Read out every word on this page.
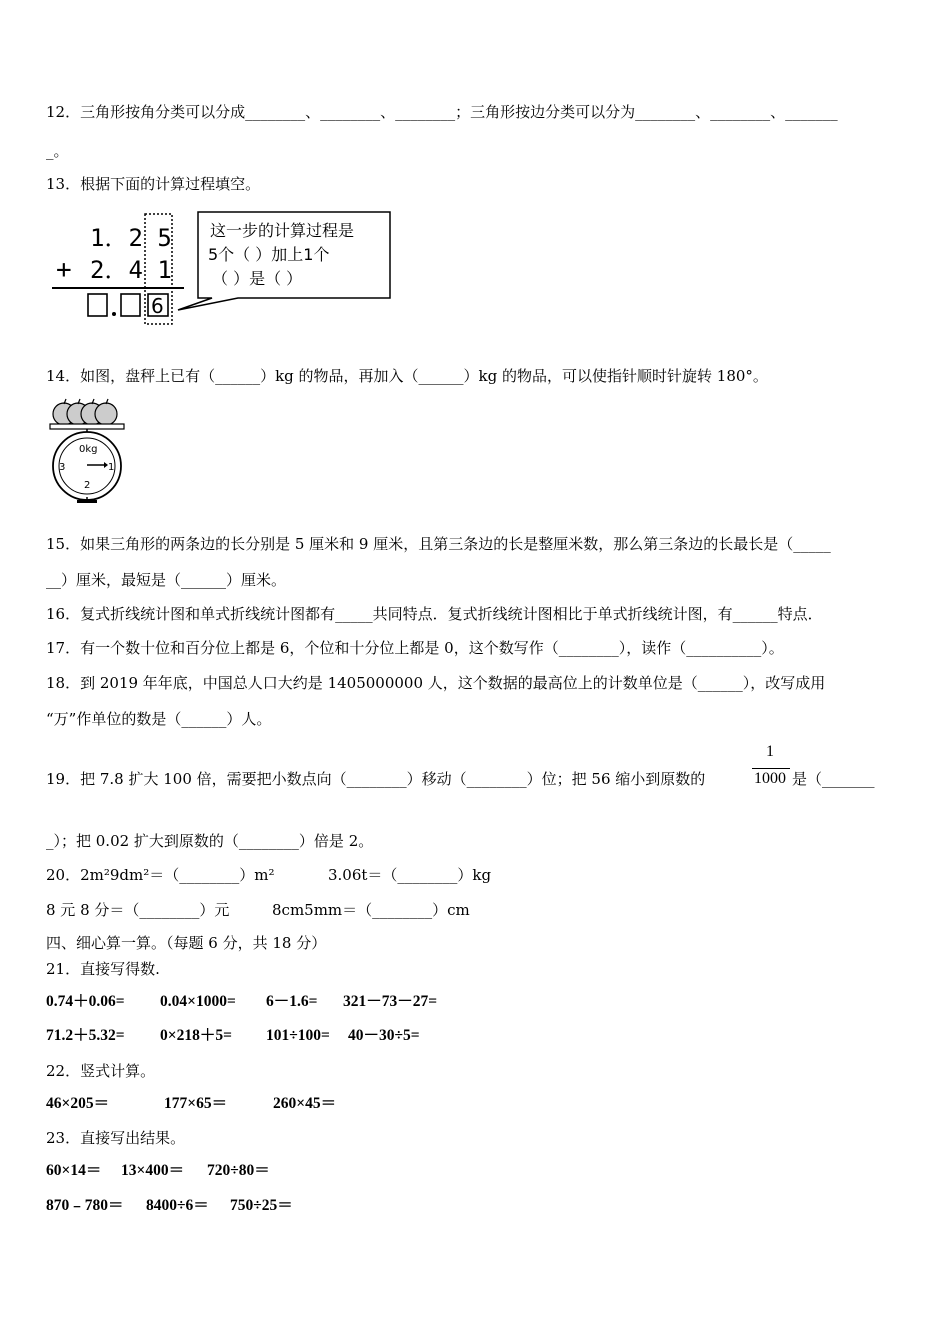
12．三角形按角分类可以分成________、________、________；三角形按边分类可以分为________、________、_______
_。
13．根据下面的计算过程填空。
1．2 5
+ 2．4 1
6
这一步的计算过程是
5个（ ）加上1个
（ ）是（ ）
14．如图，盘秤上已有（______）kg 的物品，再加入（______）kg 的物品，可以使指针顺时针旋转 180°。
0kg
3	1
2
15．如果三角形的两条边的长分别是 5 厘米和 9 厘米，且第三条边的长是整厘米数，那么第三条边的长最长是（_____
__）厘米，最短是（______）厘米。
16．复式折线统计图和单式折线统计图都有_____共同特点．复式折线统计图相比于单式折线统计图，有______特点．
17．有一个数十位和百分位上都是 6，个位和十分位上都是 0，这个数写作（________），读作（__________）。
18．到 2019 年年底，中国总人口大约是 1405000000 人，这个数据的最高位上的计数单位是（______），改写成用
“万”作单位的数是（______）人。
19．把 7.8 扩大 100 倍，需要把小数点向（________）移动（________）位；把 56 缩小到原数的
1
1000 是（_______
_）；把 0.02 扩大到原数的（________）倍是 2。
20．2m²9dm²＝（________）m²	3.06t＝（________）kg
8 元 8 分＝（________）元	8cm5mm＝（________）cm
四、细心算一算。（每题 6 分，共 18 分）
21．直接写得数.
0.74＋0.06= 0.04×1000= 6－1.6= 321－73－27=
71.2＋5.32= 0×218＋5= 101÷100= 40－30÷5=
22．竖式计算。
46×205＝	177×65＝	260×45＝
23．直接写出结果。
60×14＝ 13×400＝ 720÷80＝
870﹣780＝ 8400÷6＝ 750÷25＝
